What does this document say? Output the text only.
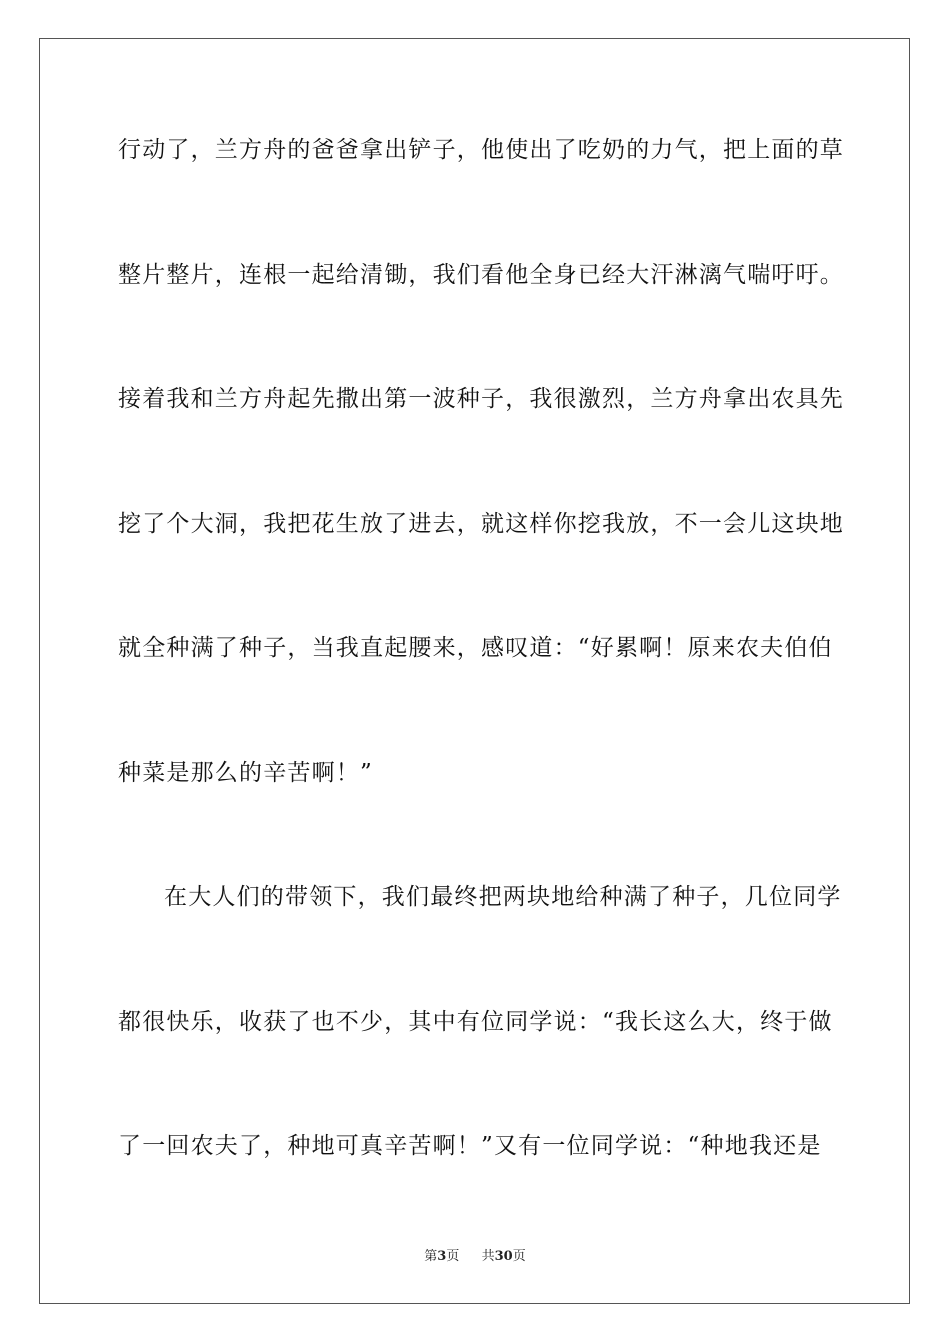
行动了，兰方舟的爸爸拿出铲子，他使出了吃奶的力气，把上面的草
整片整片，连根一起给清锄，我们看他全身已经大汗淋漓气喘吁吁。
接着我和兰方舟起先撒出第一波种子，我很激烈，兰方舟拿出农具先
挖了个大洞，我把花生放了进去，就这样你挖我放，不一会儿这块地
就全种满了种子，当我直起腰来，感叹道：“好累啊！原来农夫伯伯
种菜是那么的辛苦啊！”
在大人们的带领下，我们最终把两块地给种满了种子，几位同学
都很快乐，收获了也不少，其中有位同学说：“我长这么大，终于做
了一回农夫了，种地可真辛苦啊！”又有一位同学说：“种地我还是
第3页 共30页
